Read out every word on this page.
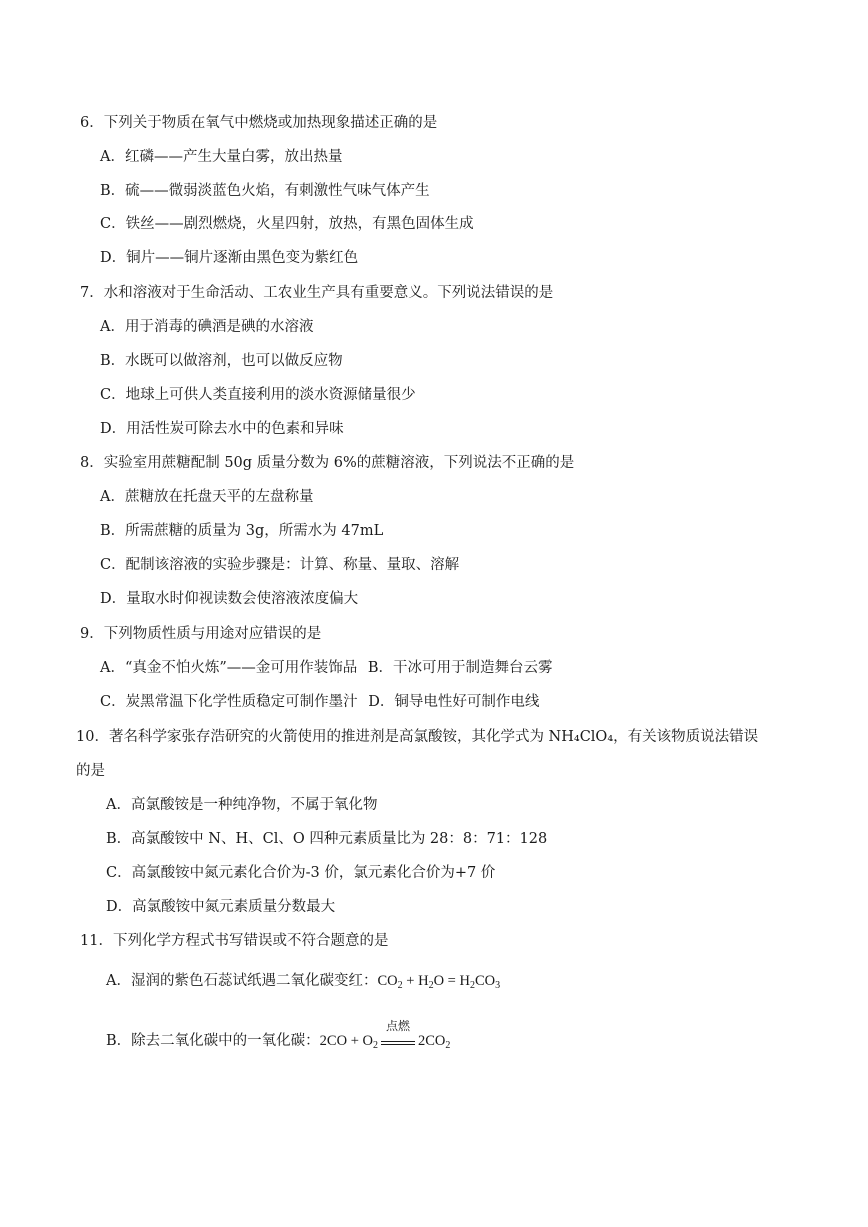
6．下列关于物质在氧气中燃烧或加热现象描述正确的是
A．红磷——产生大量白雾，放出热量
B．硫——微弱淡蓝色火焰，有刺激性气味气体产生
C．铁丝——剧烈燃烧，火星四射，放热，有黑色固体生成
D．铜片——铜片逐渐由黑色变为紫红色
7．水和溶液对于生命活动、工农业生产具有重要意义。下列说法错误的是
A．用于消毒的碘酒是碘的水溶液
B．水既可以做溶剂，也可以做反应物
C．地球上可供人类直接利用的淡水资源储量很少
D．用活性炭可除去水中的色素和异味
8．实验室用蔗糖配制 50g 质量分数为 6%的蔗糖溶液，下列说法不正确的是
A．蔗糖放在托盘天平的左盘称量
B．所需蔗糖的质量为 3g，所需水为 47mL
C．配制该溶液的实验步骤是：计算、称量、量取、溶解
D．量取水时仰视读数会使溶液浓度偏大
9．下列物质性质与用途对应错误的是
A．“真金不怕火炼”——金可用作装饰品 B．干冰可用于制造舞台云雾
C．炭黑常温下化学性质稳定可制作墨汁 D．铜导电性好可制作电线
10．著名科学家张存浩研究的火箭使用的推进剂是高氯酸铵，其化学式为 NH₄ClO₄，有关该物质说法错误
的是
A．高氯酸铵是一种纯净物，不属于氧化物
B．高氯酸铵中 N、H、Cl、O 四种元素质量比为 28：8：71：128
C．高氯酸铵中氮元素化合价为-3 价，氯元素化合价为+7 价
D．高氯酸铵中氮元素质量分数最大
11．下列化学方程式书写错误或不符合题意的是
A．湿润的紫色石蕊试纸遇二氧化碳变红：$CO_2 + H_2O = H_2CO_3$
B．除去二氧化碳中的一氧化碳：$2CO + O_2$
点燃
$2CO_2$
